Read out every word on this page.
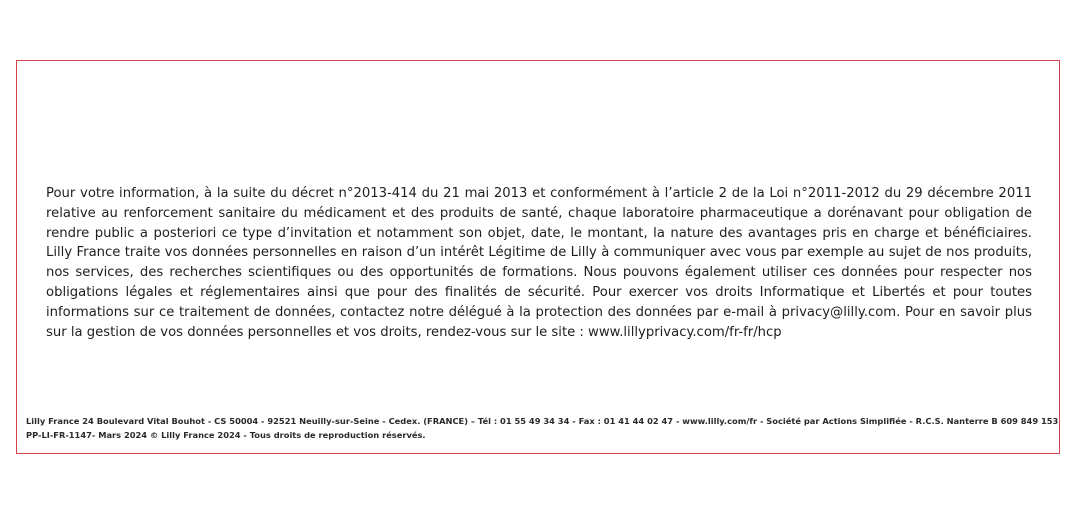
Pour votre information, à la suite du décret n°2013-414 du 21 mai 2013 et conformément à l’article 2 de la Loi n°2011-2012 du 29 décembre 2011 relative au renforcement sanitaire du médicament et des produits de santé, chaque laboratoire pharmaceutique a dorénavant pour obligation de rendre public a posteriori ce type d’invitation et notamment son objet, date, le montant, la nature des avantages pris en charge et bénéficiaires. Lilly France traite vos données personnelles en raison d’un intérêt Légitime de Lilly à communiquer avec vous par exemple au sujet de nos produits, nos services, des recherches scientifiques ou des opportunités de formations. Nous pouvons également utiliser ces données pour respecter nos obligations légales et réglementaires ainsi que pour des finalités de sécurité. Pour exercer vos droits Informatique et Libertés et pour toutes informations sur ce traitement de données, contactez notre délégué à la protection des données par e-mail à privacy@lilly.com. Pour en savoir plus sur la gestion de vos données personnelles et vos droits, rendez-vous sur le site : www.lillyprivacy.com/fr-fr/hcp

Lilly France 24 Boulevard Vital Bouhot - CS 50004 - 92521 Neuilly-sur-Seine - Cedex. (FRANCE) – Tél : 01 55 49 34 34 - Fax : 01 41 44 02 47 - www.lilly.com/fr - Société par Actions Simplifiée - R.C.S. Nanterre B 609 849 153
PP-LI-FR-1147- Mars 2024 © Lilly France 2024 - Tous droits de reproduction réservés.
